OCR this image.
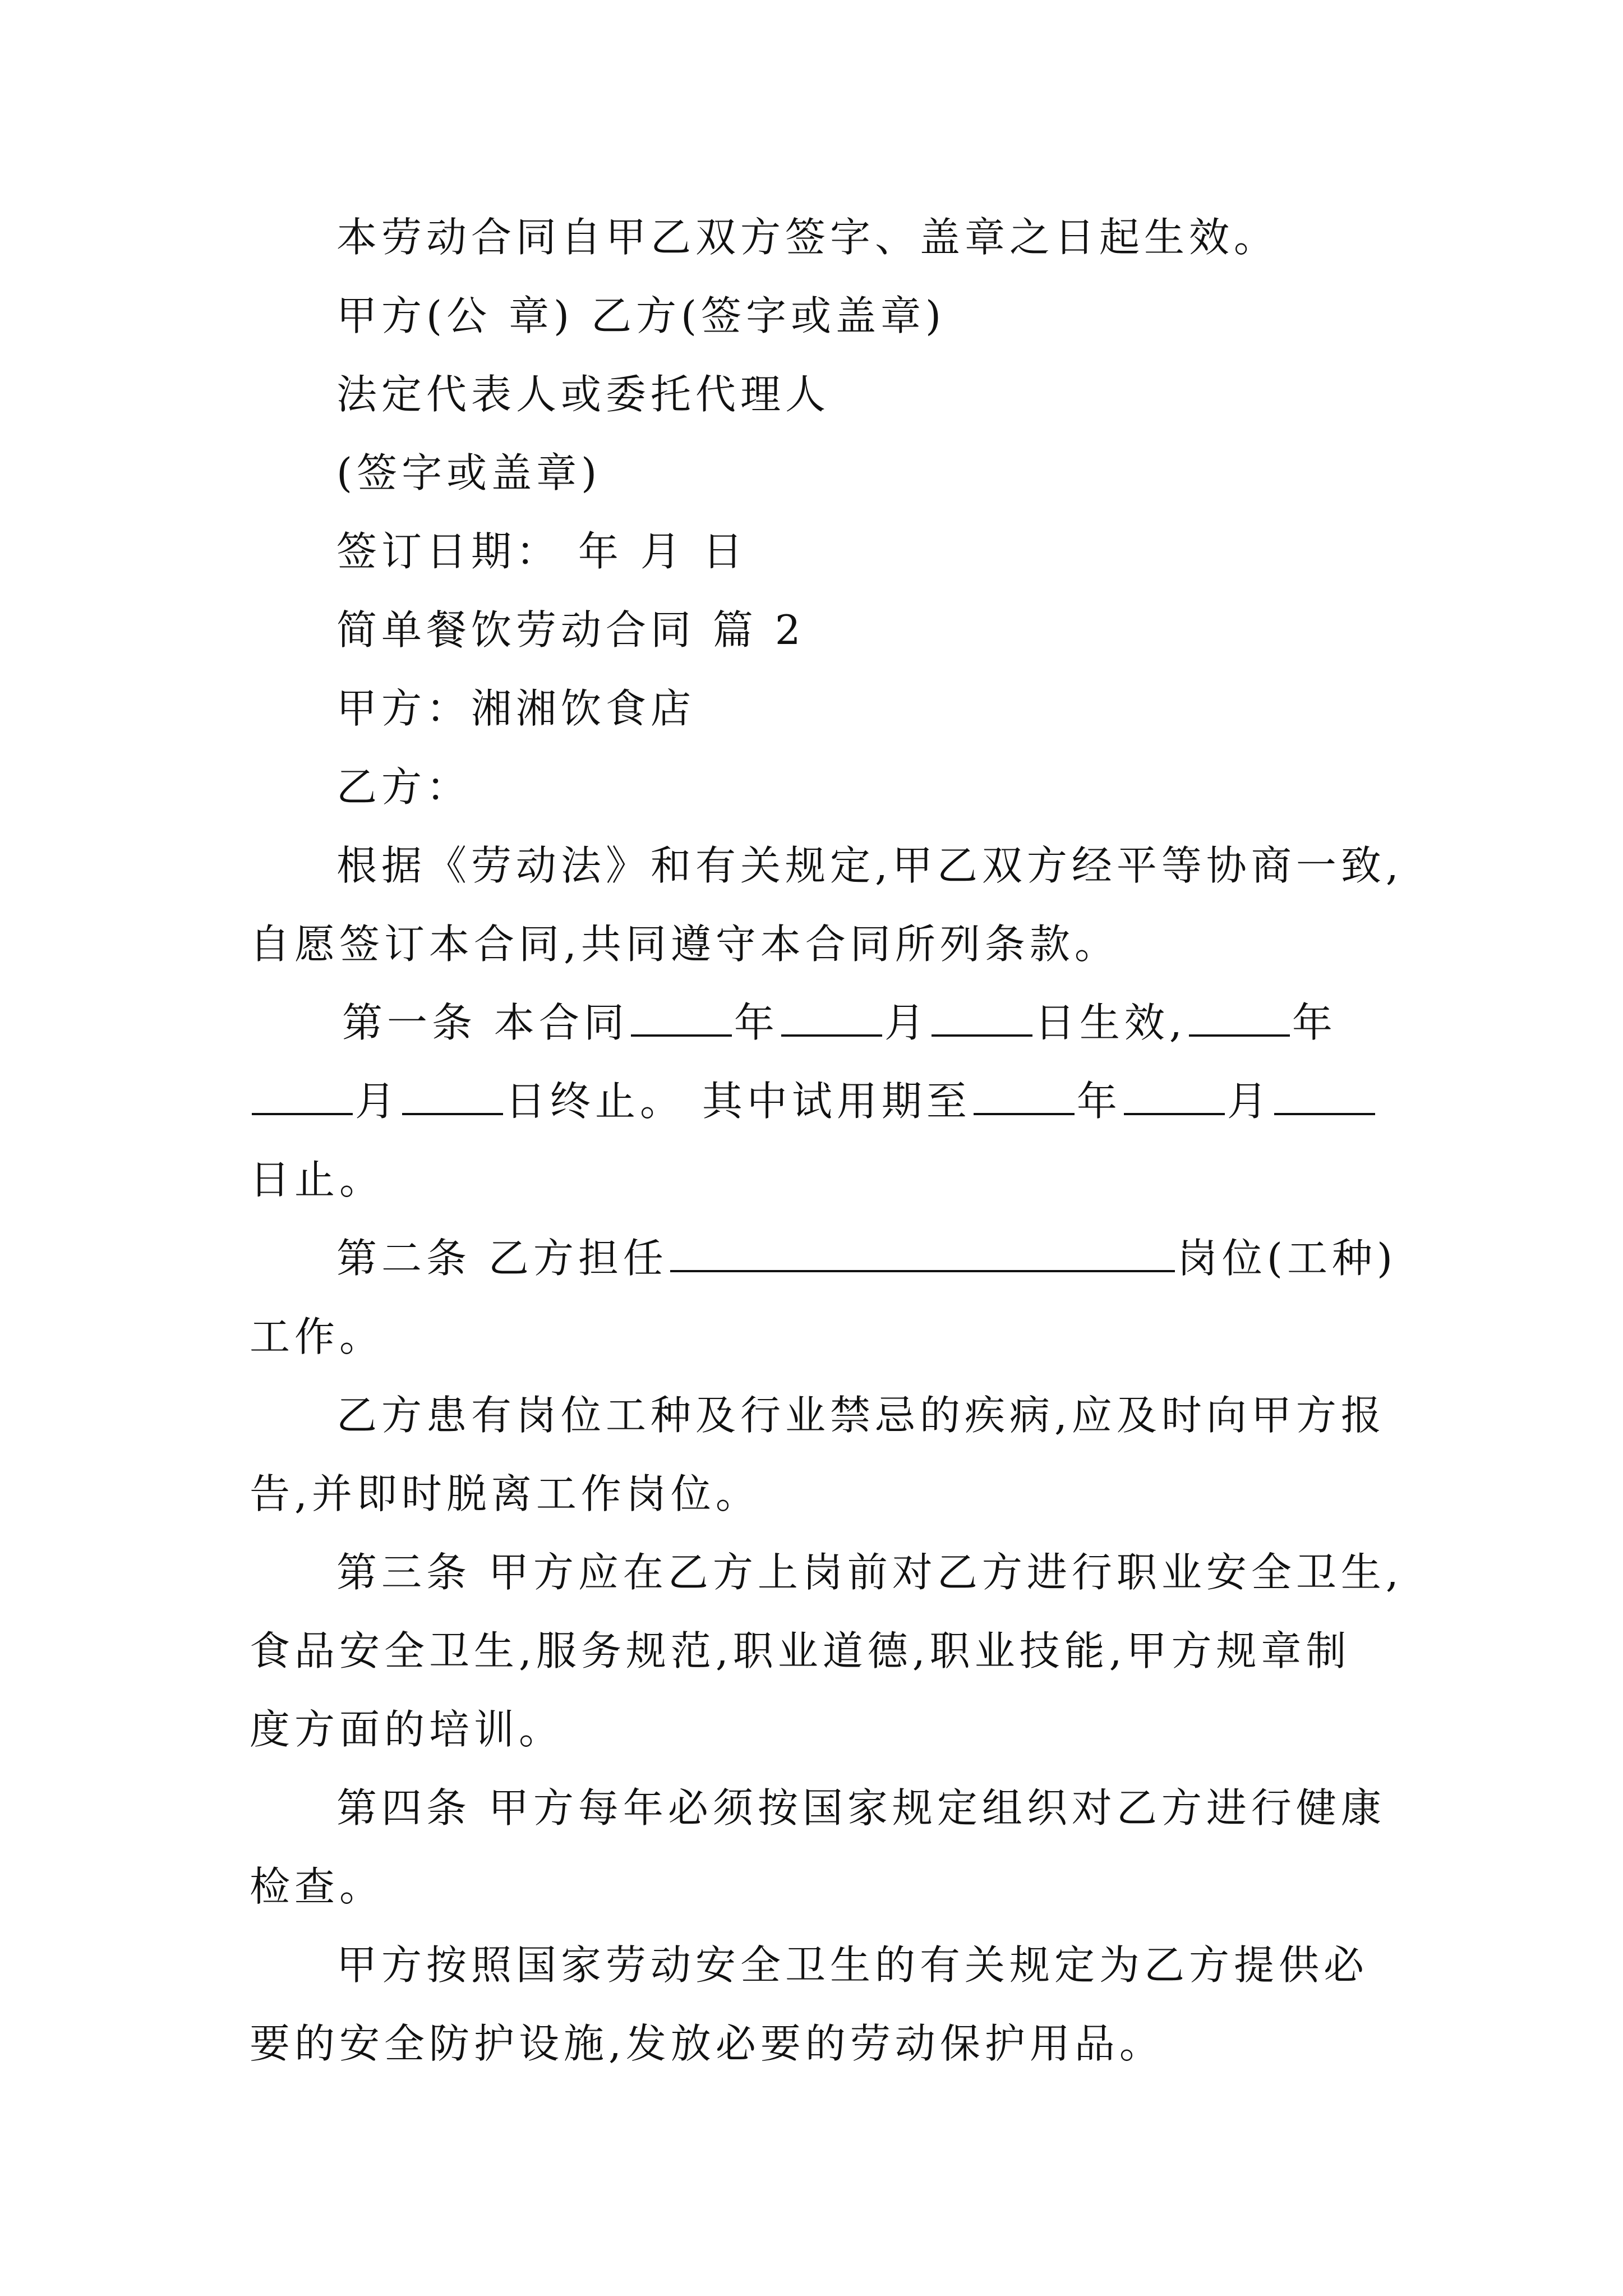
本劳动合同自甲乙双方签字、盖章之日起生效。
甲方(公 章) 乙方(签字或盖章)
法定代表人或委托代理人
(签字或盖章)
签订日期： 年 月 日
简单餐饮劳动合同 篇 2
甲方：湘湘饮食店
乙方：
根据《劳动法》和有关规定,甲乙双方经平等协商一致,
自愿签订本合同,共同遵守本合同所列条款。
第一条 本合同	年	月	日生效,	年
月	日终止。 其中试用期至	年	月
日止。
第二条 乙方担任	岗位(工种)
工作。
乙方患有岗位工种及行业禁忌的疾病,应及时向甲方报
告,并即时脱离工作岗位。
第三条 甲方应在乙方上岗前对乙方进行职业安全卫生,
食品安全卫生,服务规范,职业道德,职业技能,甲方规章制
度方面的培训。
第四条 甲方每年必须按国家规定组织对乙方进行健康
检查。
甲方按照国家劳动安全卫生的有关规定为乙方提供必
要的安全防护设施,发放必要的劳动保护用品。
